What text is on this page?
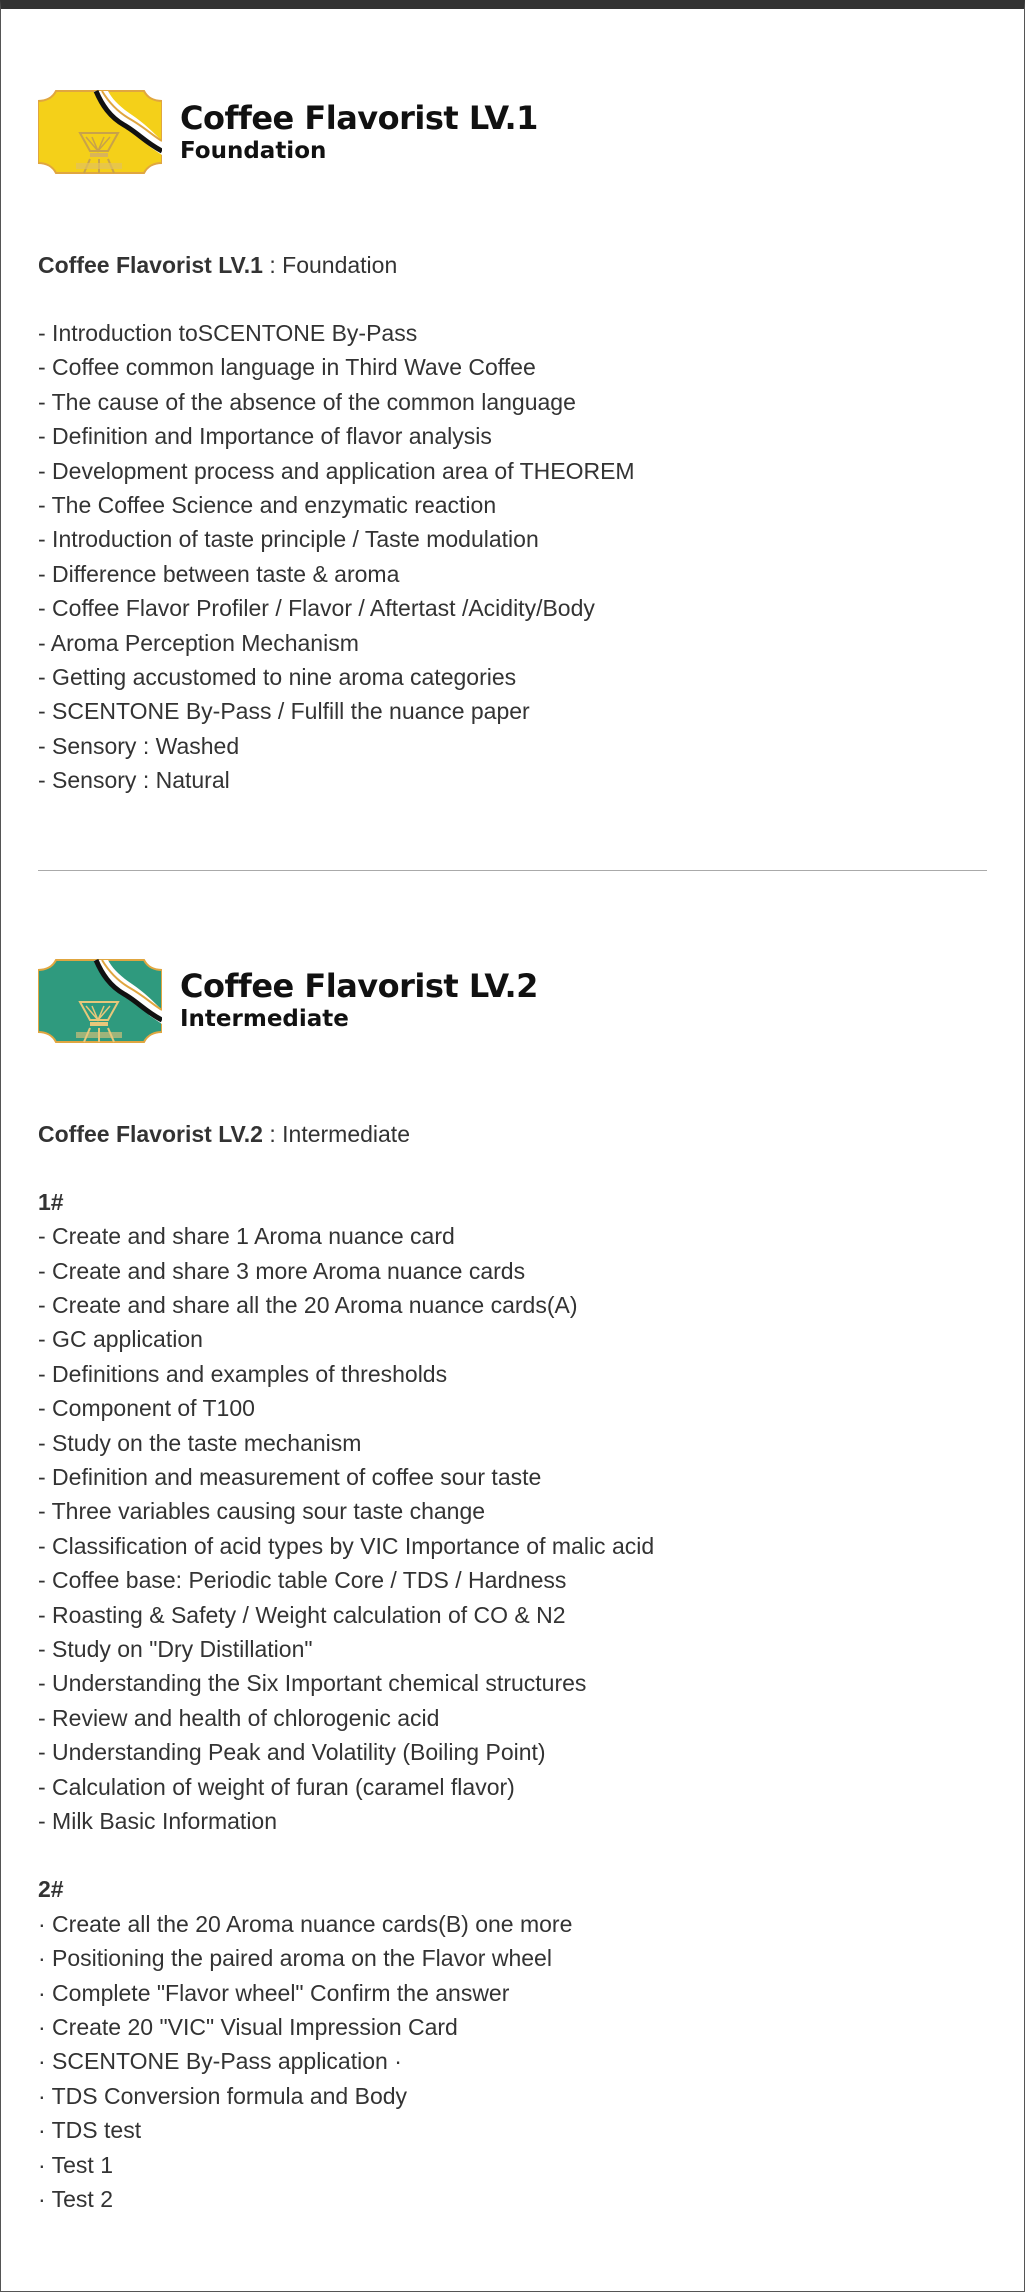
Coffee Flavorist LV.1
Foundation
Coffee Flavorist LV.1 : Foundation
- Introduction toSCENTONE By-Pass
- Coffee common language in Third Wave Coffee
- The cause of the absence of the common language
- Definition and Importance of flavor analysis
- Development process and application area of THEOREM
- The Coffee Science and enzymatic reaction
- Introduction of taste principle / Taste modulation
- Difference between taste & aroma
- Coffee Flavor Profiler / Flavor / Aftertast /Acidity/Body
- Aroma Perception Mechanism
- Getting accustomed to nine aroma categories
- SCENTONE By-Pass / Fulfill the nuance paper
- Sensory : Washed
- Sensory : Natural
Coffee Flavorist LV.2
Intermediate
Coffee Flavorist LV.2 : Intermediate
1#
- Create and share 1 Aroma nuance card
- Create and share 3 more Aroma nuance cards
- Create and share all the 20 Aroma nuance cards(A)
- GC application
- Definitions and examples of thresholds
- Component of T100
- Study on the taste mechanism
- Definition and measurement of coffee sour taste
- Three variables causing sour taste change
- Classification of acid types by VIC Importance of malic acid
- Coffee base: Periodic table Core / TDS / Hardness
- Roasting & Safety / Weight calculation of CO & N2
- Study on "Dry Distillation"
- Understanding the Six Important chemical structures
- Review and health of chlorogenic acid
- Understanding Peak and Volatility (Boiling Point)
- Calculation of weight of furan (caramel flavor)
- Milk Basic Information
2#
· Create all the 20 Aroma nuance cards(B) one more
· Positioning the paired aroma on the Flavor wheel
· Complete "Flavor wheel" Confirm the answer
· Create 20 "VIC" Visual Impression Card
· SCENTONE By-Pass application ·
· TDS Conversion formula and Body
· TDS test
· Test 1
· Test 2
